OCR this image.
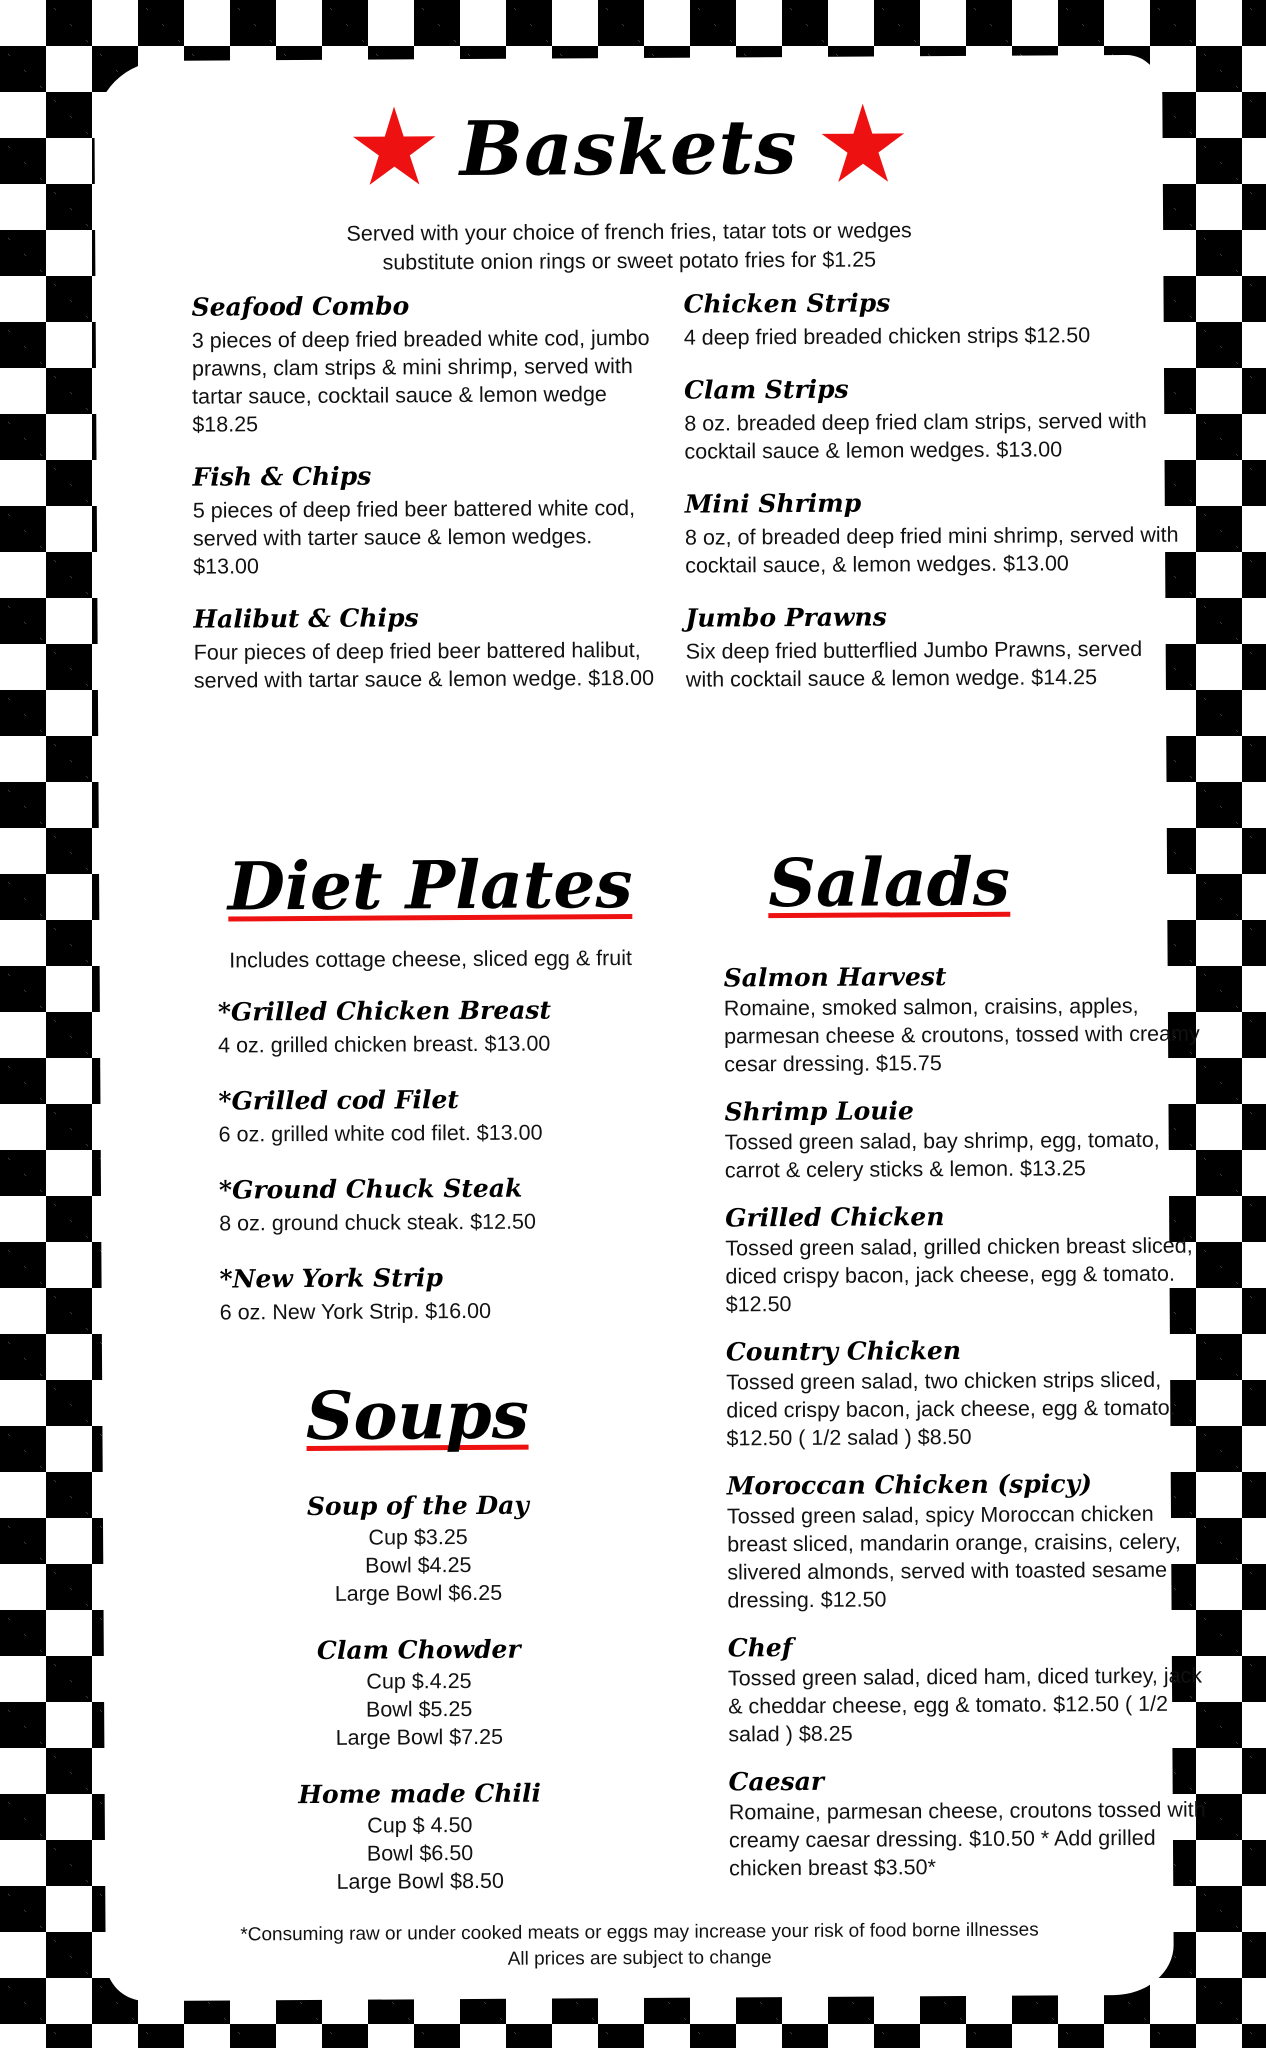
Baskets
Served with your choice of french fries, tatar tots or wedges
substitute onion rings or sweet potato fries for $1.25
Seafood Combo
3 pieces of deep fried breaded white cod, jumbo prawns, clam strips & mini shrimp, served with tartar sauce, cocktail sauce & lemon wedge $18.25
Fish & Chips
5 pieces of deep fried beer battered white cod, served with tarter sauce & lemon wedges. $13.00
Halibut & Chips
Four pieces of deep fried beer battered halibut, served with tartar sauce & lemon wedge. $18.00
Chicken Strips
4 deep fried breaded chicken strips $12.50
Clam Strips
8 oz. breaded deep fried clam strips, served with cocktail sauce & lemon wedges. $13.00
Mini Shrimp
8 oz, of breaded deep fried mini shrimp, served with cocktail sauce, & lemon wedges. $13.00
Jumbo Prawns
Six deep fried butterflied Jumbo Prawns, served with cocktail sauce & lemon wedge. $14.25
Diet Plates
Includes cottage cheese, sliced egg & fruit
*Grilled Chicken Breast
4 oz. grilled chicken breast. $13.00
*Grilled cod Filet
6 oz. grilled white cod filet. $13.00
*Ground Chuck Steak
8 oz. ground chuck steak. $12.50
*New York Strip
6 oz. New York Strip. $16.00
Soups
Soup of the Day
Cup $3.25
Bowl $4.25
Large Bowl $6.25
Clam Chowder
Cup $.4.25
Bowl $5.25
Large Bowl $7.25
Home made Chili
Cup $ 4.50
Bowl $6.50
Large Bowl $8.50
Salads
Salmon Harvest
Romaine, smoked salmon, craisins, apples, parmesan cheese & croutons, tossed with creamy cesar dressing. $15.75
Shrimp Louie
Tossed green salad, bay shrimp, egg, tomato, carrot & celery sticks & lemon. $13.25
Grilled Chicken
Tossed green salad, grilled chicken breast sliced, diced crispy bacon, jack cheese, egg & tomato. $12.50
Country Chicken
Tossed green salad, two chicken strips sliced, diced crispy bacon, jack cheese, egg & tomato. $12.50 ( 1/2 salad ) $8.50
Moroccan Chicken (spicy)
Tossed green salad, spicy Moroccan chicken breast sliced, mandarin orange, craisins, celery, slivered almonds, served with toasted sesame dressing. $12.50
Chef
Tossed green salad, diced ham, diced turkey, jack & cheddar cheese, egg & tomato. $12.50 ( 1/2 salad ) $8.25
Caesar
Romaine, parmesan cheese, croutons tossed with creamy caesar dressing. $10.50 * Add grilled chicken breast $3.50*
*Consuming raw or under cooked meats or eggs may increase your risk of food borne illnesses
All prices are subject to change
